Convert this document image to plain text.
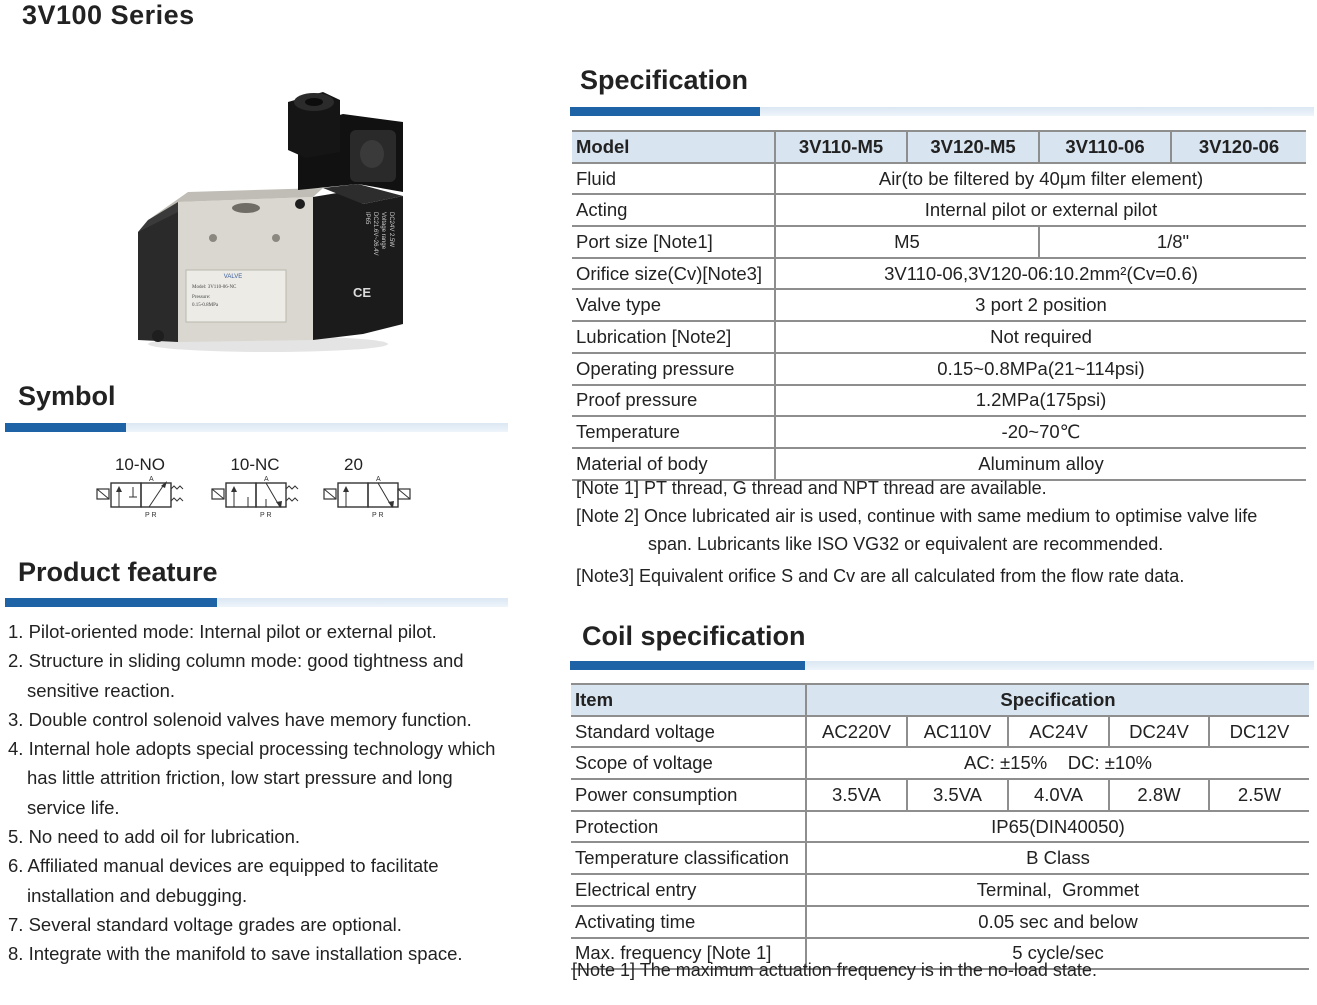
3V100 Series
VALVE
Model: 3V110-06-NC
Pressure:
0.15-0.8MPa
DC24V 2.5W
Voltage range
DC21.6V~26.4V
IP65
CE
Symbol
10-NO
A
P R
10-NC
A
P R
20
A
P R
Product feature
1. Pilot-oriented mode: Internal pilot or external pilot.
2. Structure in sliding column mode: good tightness and sensitive reaction.
3. Double control solenoid valves have memory function.
4. Internal hole adopts special processing technology which has little attrition friction, low start pressure and long service life.
5. No need to add oil for lubrication.
6. Affiliated manual devices are equipped to facilitate installation and debugging.
7. Several standard voltage grades are optional.
8. Integrate with the manifold to save installation space.
Specification
Model	3V110-M5	3V120-M5	3V110-06	3V120-06
Fluid	Air(to be filtered by 40μm filter element)			
Acting	Internal pilot or external pilot			
Port size [Note1]	M5		1/8"	
Orifice size(Cv)[Note3]	3V110-06,3V120-06:10.2mm²(Cv=0.6)			
Valve type	3 port 2 position			
Lubrication [Note2]	Not required			
Operating pressure	0.15~0.8MPa(21~114psi)			
Proof pressure	1.2MPa(175psi)			
Temperature	-20~70℃			
Material of body	Aluminum alloy			
[Note 1] PT thread, G thread and NPT thread are available.
[Note 2] Once lubricated air is used, continue with same medium to optimise valve life
span. Lubricants like ISO VG32 or equivalent are recommended.
[Note3] Equivalent orifice S and Cv are all calculated from the flow rate data.
Coil specification
Item	Specification				
Standard voltage	AC220V	AC110V	AC24V	DC24V	DC12V
Scope of voltage	AC: ±15%    DC: ±10%				
Power consumption	3.5VA	3.5VA	4.0VA	2.8W	2.5W
Protection	IP65(DIN40050)				
Temperature classification	B Class				
Electrical entry	Terminal,  Grommet				
Activating time	0.05 sec and below				
Max. frequency [Note 1]	5 cycle/sec				
[Note 1] The maximum actuation frequency is in the no-load state.
